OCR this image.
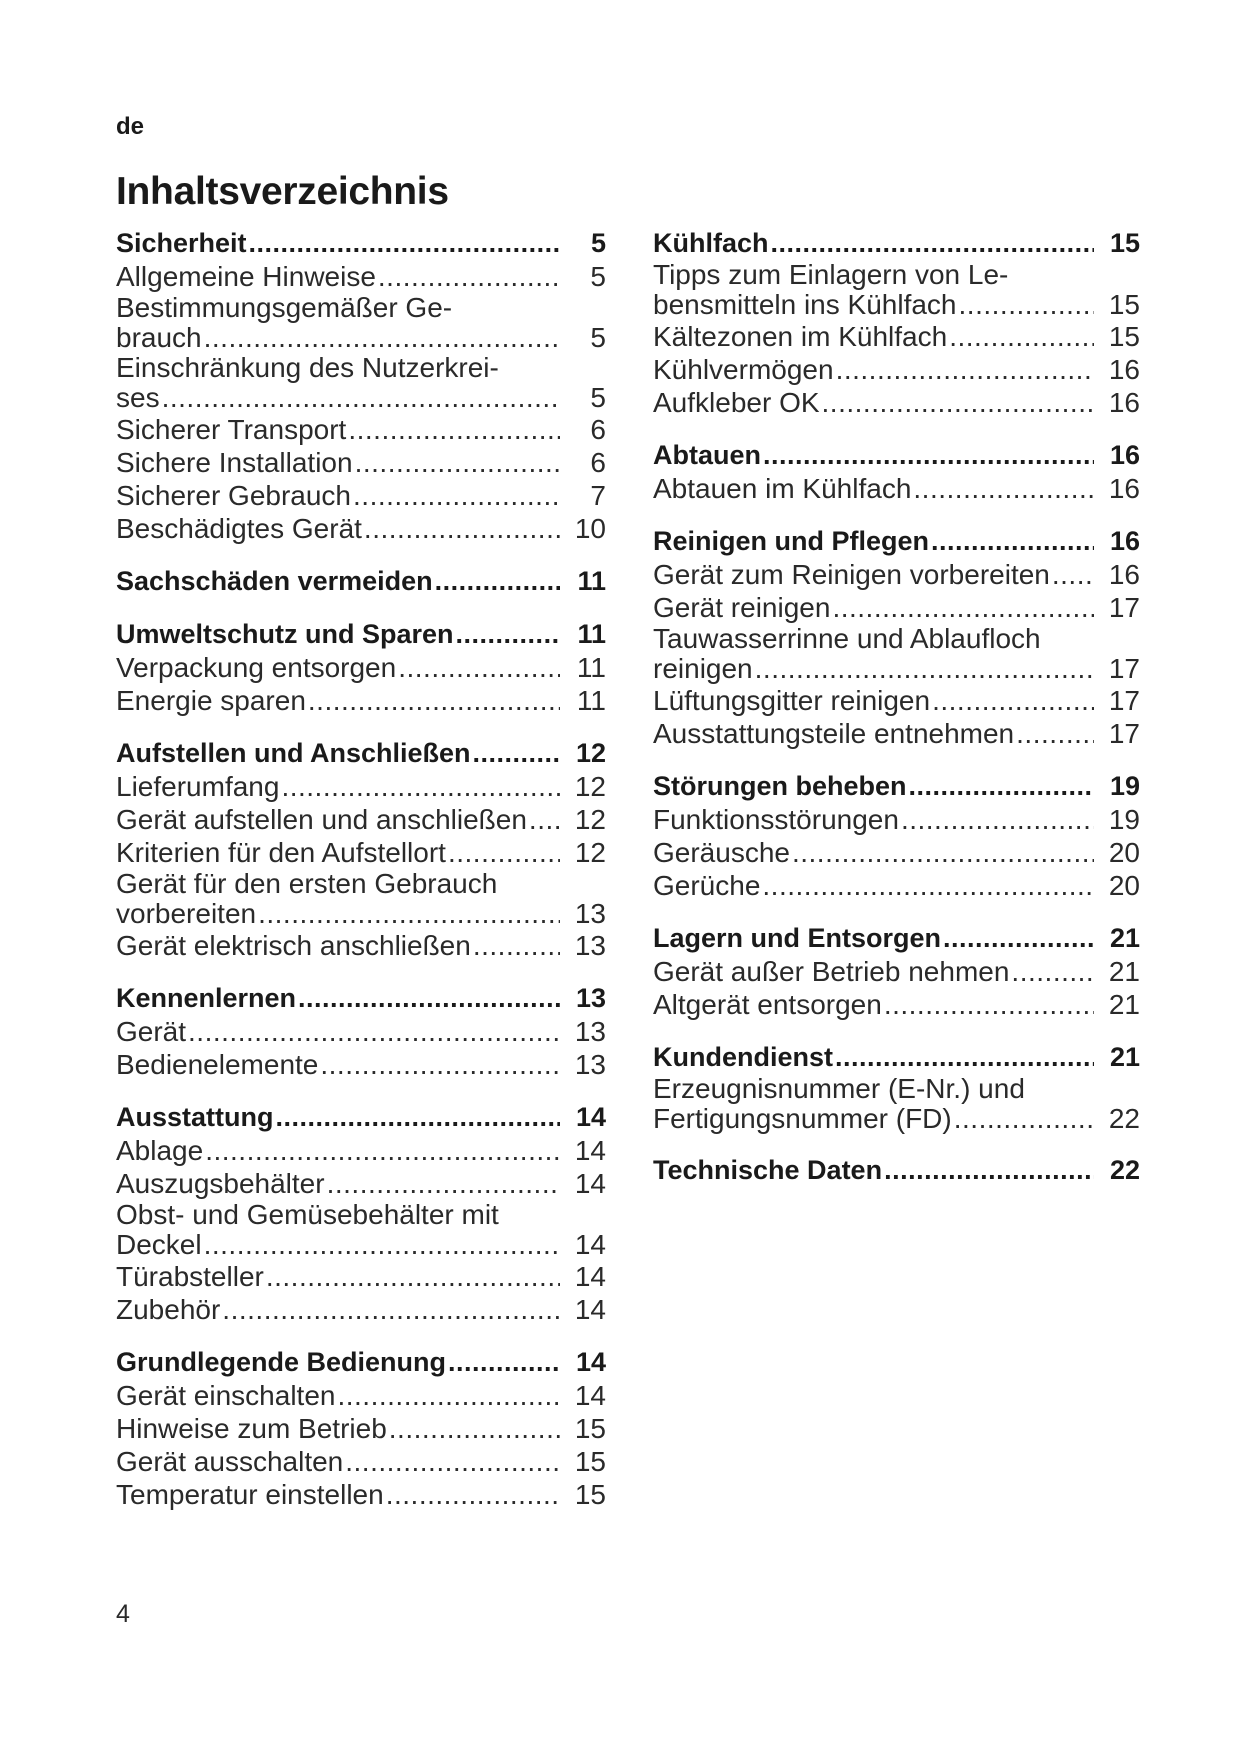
de
Inhaltsverzeichnis
Sicherheit .....	5
Allgemeine Hinweise .....	5
Bestimmungsgemäßer Ge-
brauch .....	5
Einschränkung des Nutzerkrei-
ses .....	5
Sicherer Transport .....	6
Sichere Installation .....	6
Sicherer Gebrauch .....	7
Beschädigtes Gerät .....	10
Sachschäden vermeiden .....	11
Umweltschutz und Sparen .....	11
Verpackung entsorgen .....	11
Energie sparen .....	11
Aufstellen und Anschließen .....	12
Lieferumfang .....	12
Gerät aufstellen und anschließen ..... 12
Kriterien für den Aufstellort .....	12
Gerät für den ersten Gebrauch
vorbereiten .....	13
Gerät elektrisch anschließen .....	13
Kennenlernen .....	13
Gerät .....	13
Bedienelemente .....	13
Ausstattung .....	14
Ablage .....	14
Auszugsbehälter .....	14
Obst- und Gemüsebehälter mit
Deckel .....	14
Türabsteller .....	14
Zubehör .....	14
Grundlegende Bedienung .....	14
Gerät einschalten .....	14
Hinweise zum Betrieb .....	15
Gerät ausschalten .....	15
Temperatur einstellen .....	15
Kühlfach .....	15
Tipps zum Einlagern von Le-
bensmitteln ins Kühlfach .....	15
Kältezonen im Kühlfach .....	15
Kühlvermögen .....	16
Aufkleber OK .....	16
Abtauen .....	16
Abtauen im Kühlfach .....	16
Reinigen und Pflegen .....	16
Gerät zum Reinigen vorbereiten ..... 16
Gerät reinigen .....	17
Tauwasserrinne und Ablaufloch
reinigen .....	17
Lüftungsgitter reinigen .....	17
Ausstattungsteile entnehmen .....	17
Störungen beheben .....	19
Funktionsstörungen .....	19
Geräusche .....	20
Gerüche .....	20
Lagern und Entsorgen .....	21
Gerät außer Betrieb nehmen .....	21
Altgerät entsorgen .....	21
Kundendienst .....	21
Erzeugnisnummer (E-Nr.) und
Fertigungsnummer (FD) .....	22
Technische Daten .....	22
4
